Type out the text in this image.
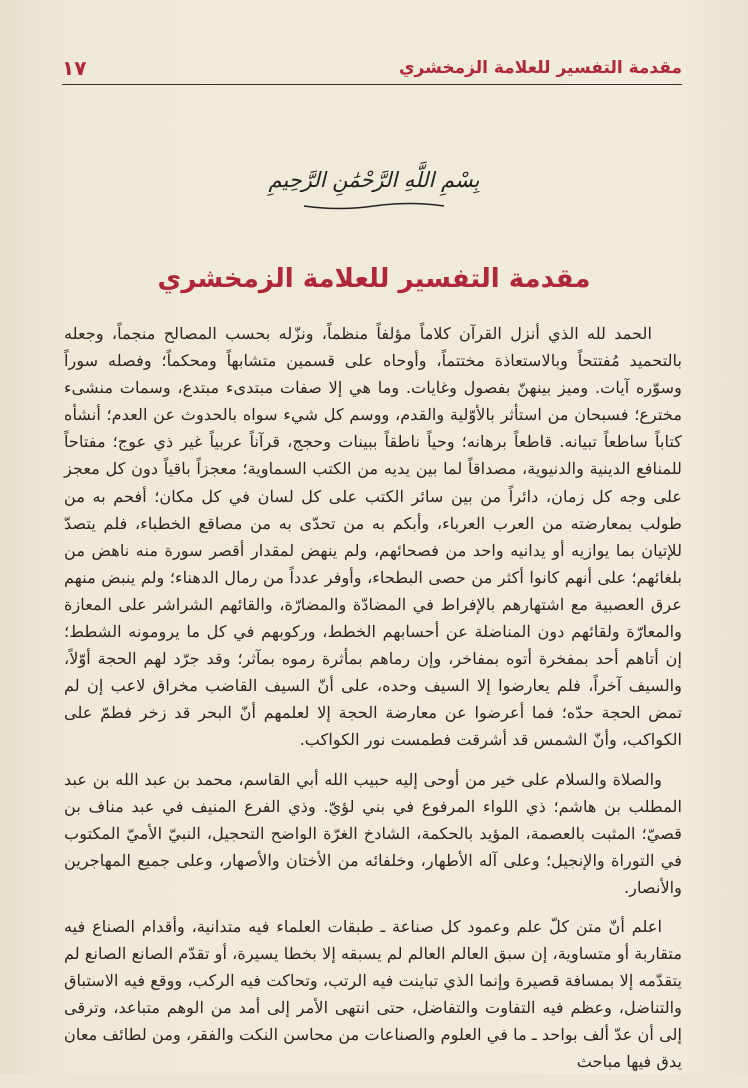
مقدمة التفسير للعلامة الزمخشري
١٧
بِسْمِ اللَّهِ الرَّحْمَٰنِ الرَّحِيمِ
مقدمة التفسير للعلامة الزمخشري

الحمد لله الذي أنزل القرآن كلاماً مؤلفاً منظماً، ونزّله بحسب المصالح منجماً، وجعله بالتحميد مُفتتحاً وبالاستعاذة مختتماً، وأوحاه على قسمين متشابهاً ومحكماً؛ وفصله سوراً وسوّره آيات. وميز بينهنّ بفصول وغايات. وما هي إلا صفات مبتدىء مبتدع، وسمات منشىء مخترع؛ فسبحان من استأثر بالأوّلية والقدم، ووسم كل شيء سواه بالحدوث عن العدم؛ أنشأه كتاباً ساطعاً تبيانه. قاطعاً برهانه؛ وحياً ناطقاً ببينات وحجج، قرآناً عربياً غير ذي عوج؛ مفتاحاً للمنافع الدينية والدنيوية، مصداقاً لما بين يديه من الكتب السماوية؛ معجزاً باقياً دون كل معجز على وجه كل زمان، دائراً من بين سائر الكتب على كل لسان في كل مكان؛ أفحم به من طولب بمعارضته من العرب العرباء، وأبكم به من تحدّى به من مصاقع الخطباء، فلم يتصدّ للإتيان بما يوازيه أو يدانيه واحد من فصحائهم، ولم ينهض لمقدار أقصر سورة منه ناهض من بلغائهم؛ على أنهم كانوا أكثر من حصى البطحاء، وأوفر عدداً من رمال الدهناء؛ ولم ينبض منهم عرق العصبية مع اشتهارهم بالإفراط في المضادّة والمضارّة، والقائهم الشراشر على المعازة والمعارّة ولقائهم دون المناضلة عن أحسابهم الخطط، وركوبهم في كل ما يرومونه الشطط؛ إن أتاهم أحد بمفخرة أتوه بمفاخر، وإن رماهم بمأثرة رموه بمآثر؛ وقد جرّد لهم الحجة أوّلاً، والسيف آخراً، فلم يعارضوا إلا السيف وحده، على أنّ السيف القاضب مخراق لاعب إن لم تمض الحجة حدّه؛ فما أعرضوا عن معارضة الحجة إلا لعلمهم أنّ البحر قد زخر فطمّ على الكواكب، وأنّ الشمس قد أشرقت فطمست نور الكواكب.

والصلاة والسلام على خير من أوحى إليه حبيب الله أبي القاسم، محمد بن عبد الله بن عبد المطلب بن هاشم؛ ذي اللواء المرفوع في بني لؤيّ. وذي الفرع المنيف في عبد مناف بن قصيّ؛ المثبت بالعصمة، المؤيد بالحكمة، الشادخ الغرّة الواضح التحجيل، النبيّ الأميّ المكتوب في التوراة والإنجيل؛ وعلى آله الأطهار، وخلفائه من الأختان والأصهار، وعلى جميع المهاجرين والأنصار.

اعلم أنّ متن كلّ علم وعمود كل صناعة ـ طبقات العلماء فيه متدانية، وأقدام الصناع فيه متقاربة أو متساوية، إن سبق العالم العالم لم يسبقه إلا بخطا يسيرة، أو تقدّم الصانع الصانع لم يتقدّمه إلا بمسافة قصيرة وإنما الذي تباينت فيه الرتب، وتحاكت فيه الركب، ووقع فيه الاستباق والتناضل، وعظم فيه التفاوت والتفاضل، حتى انتهى الأمر إلى أمد من الوهم متباعد، وترقى إلى أن عدّ ألف بواحد ـ ما في العلوم والصناعات من محاسن النكت والفقر، ومن لطائف معان يدق فيها مباحث
